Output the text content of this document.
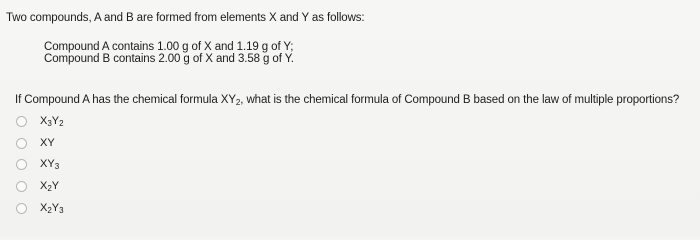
Two compounds, A and B are formed from elements X and Y as follows:
Compound A contains 1.00 g of X and 1.19 g of Y;
Compound B contains 2.00 g of X and 3.58 g of Y.
If Compound A has the chemical formula $XY_2$, what is the chemical formula of Compound B based on the law of multiple proportions?
$X_3Y_2$
XY
$XY_3$
$X_2Y$
$X_2Y_3$
